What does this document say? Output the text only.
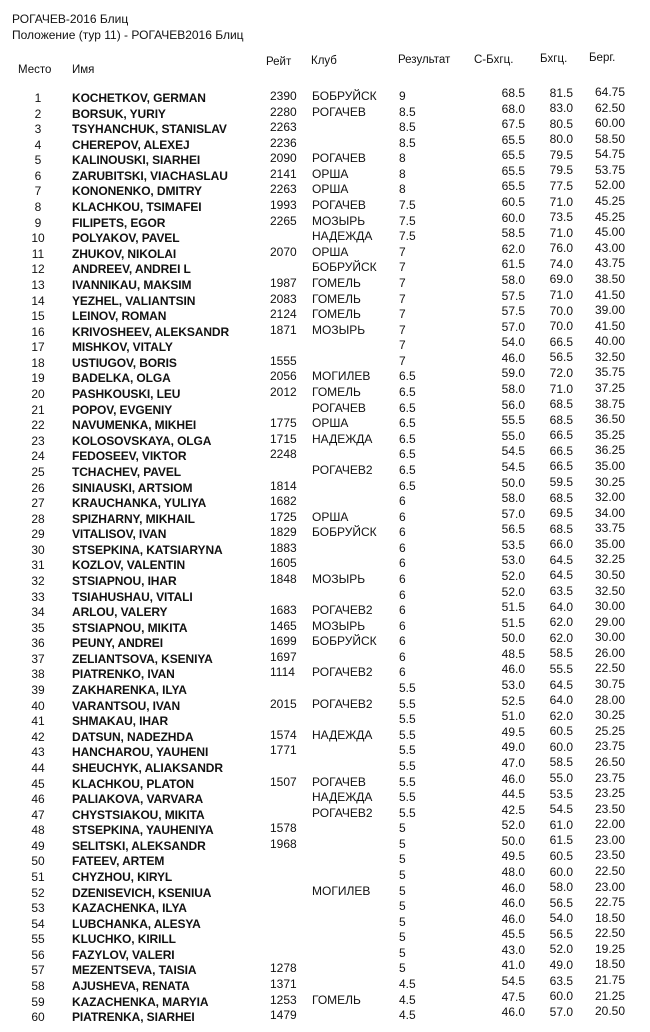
РОГАЧЕВ-2016 Блиц
Положение (тур 11) - РОГАЧЕВ2016 Блиц
Место Имя
Рейт Клуб	Результат С-Бхгц. Бхгц. Берг.
1	KOCHETKOV, GERMAN	2390 БОБРУЙСК 9	68.5 81.5 64.75
2	BORSUK, YURIY	2280 РОГАЧЕВ	8.5	68.0 83.0 62.50
3	TSYHANCHUK, STANISLAV	2263	8.5	67.5 80.5 60.00
4	CHEREPOV, ALEXEJ	2236	8.5	65.5 80.0 58.50
5	KALINOUSKI, SIARHEI	2090 РОГАЧЕВ	8	65.5 79.5 54.75
6	ZARUBITSKI, VIACHASLAU	2141 ОРША	8	65.5 79.5 53.75
7	KONONENKO, DMITRY	2263 ОРША	8	65.5 77.5 52.00
8	KLACHKOU, TSIMAFEI	1993 РОГАЧЕВ	7.5	60.5 71.0 45.25
9	FILIPETS, EGOR	2265 МОЗЫРЬ	7.5	60.0 73.5 45.25
10	POLYAKOV, PAVEL	НАДЕЖДА 7.5	58.5 71.0 45.00
11	ZHUKOV, NIKOLAI	2070 ОРША	7	62.0 76.0 43.00
12	ANDREEV, ANDREI L	БОБРУЙСК 7	61.5 74.0 43.75
13	IVANNIKAU, MAKSIM	1987 ГОМЕЛЬ	7	58.0 69.0 38.50
14	YEZHEL, VALIANTSIN	2083 ГОМЕЛЬ	7	57.5 71.0 41.50
15	LEINOV, ROMAN	2124 ГОМЕЛЬ	7	57.5 70.0 39.00
16	KRIVOSHEEV, ALEKSANDR	1871 МОЗЫРЬ	7	57.0 70.0 41.50
17	MISHKOV, VITALY	7	54.0 66.5 40.00
18	USTIUGOV, BORIS	1555	7	46.0 56.5 32.50
19	BADELKA, OLGA	2056 МОГИЛЕВ 6.5	59.0 72.0 35.75
20	PASHKOUSKI, LEU	2012 ГОМЕЛЬ	6.5	58.0 71.0 37.25
21	POPOV, EVGENIY	РОГАЧЕВ	6.5	56.0 68.5 38.75
22	NAVUMENKA, MIKHEI	1775 ОРША	6.5	55.5 68.5 36.50
23	KOLOSOVSKAYA, OLGA	1715 НАДЕЖДА 6.5	55.0 66.5 35.25
24	FEDOSEEV, VIKTOR	2248	6.5	54.5 66.5 36.25
25	TCHACHEV, PAVEL	РОГАЧЕВ2 6.5	54.5 66.5 35.00
26	SINIAUSKI, ARTSIOM	1814	6.5	50.0 59.5 30.25
27	KRAUCHANKA, YULIYA	1682	6	58.0 68.5 32.00
28	SPIZHARNY, MIKHAIL	1725 ОРША	6	57.0 69.5 34.00
29	VITALISOV, IVAN	1829 БОБРУЙСК 6	56.5 68.5 33.75
30	STSEPKINA, KATSIARYNA	1883	6	53.5 66.0 35.00
31	KOZLOV, VALENTIN	1605	6	53.0 64.5 32.25
32	STSIAPNOU, IHAR	1848 МОЗЫРЬ	6	52.0 64.5 30.50
33	TSIAHUSHAU, VITALI	6	52.0 63.5 32.50
34	ARLOU, VALERY	1683 РОГАЧЕВ2 6	51.5 64.0 30.00
35	STSIAPNOU, MIKITA	1465 МОЗЫРЬ	6	51.5 62.0 29.00
36	PEUNY, ANDREI	1699 БОБРУЙСК 6	50.0 62.0 30.00
37	ZELIANTSOVA, KSENIYA	1697	6	48.5 58.5 26.00
38	PIATRENKO, IVAN	1114 РОГАЧЕВ2 6	46.0 55.5 22.50
39	ZAKHARENKA, ILYA	5.5	53.0 64.5 30.75
40	VARANTSOU, IVAN	2015 РОГАЧЕВ2 5.5	52.5 64.0 28.00
41	SHMAKAU, IHAR	5.5	51.0 62.0 30.25
42	DATSUN, NADEZHDA	1574 НАДЕЖДА 5.5	49.5 60.5 25.25
43	HANCHAROU, YAUHENI	1771	5.5	49.0 60.0 23.75
44	SHEUCHYK, ALIAKSANDR	5.5	47.0 58.5 26.50
45	KLACHKOU, PLATON	1507 РОГАЧЕВ	5.5	46.0 55.0 23.75
46	PALIAKOVA, VARVARA	НАДЕЖДА 5.5	44.5 53.5 23.25
47	CHYSTSIAKOU, MIKITA	РОГАЧЕВ2 5.5	42.5 54.5 23.50
48	STSEPKINA, YAUHENIYA	1578	5	52.0 61.0 22.00
49	SELITSKI, ALEKSANDR	1968	5	50.0 61.5 23.00
50	FATEEV, ARTEM	5	49.5 60.5 23.50
51	CHYZHOU, KIRYL	5	48.0 60.0 22.50
52	DZENISEVICH, KSENIUA	МОГИЛЕВ 5	46.0 58.0 23.00
53	KAZACHENKA, ILYA	5	46.0 56.5 22.75
54	LUBCHANKA, ALESYA	5	46.0 54.0 18.50
55	KLUCHKO, KIRILL	5	45.5 56.5 22.50
56	FAZYLOV, VALERI	5	43.0 52.0 19.25
57	MEZENTSEVA, TAISIA	1278	5	41.0 49.0 18.50
58	AJUSHEVA, RENATA	1371	4.5	54.5 63.5 21.75
59	KAZACHENKA, MARYIA	1253 ГОМЕЛЬ	4.5	47.5 60.0 21.25
60	PIATRENKA, SIARHEI	1479	4.5	46.0 57.0 20.50
